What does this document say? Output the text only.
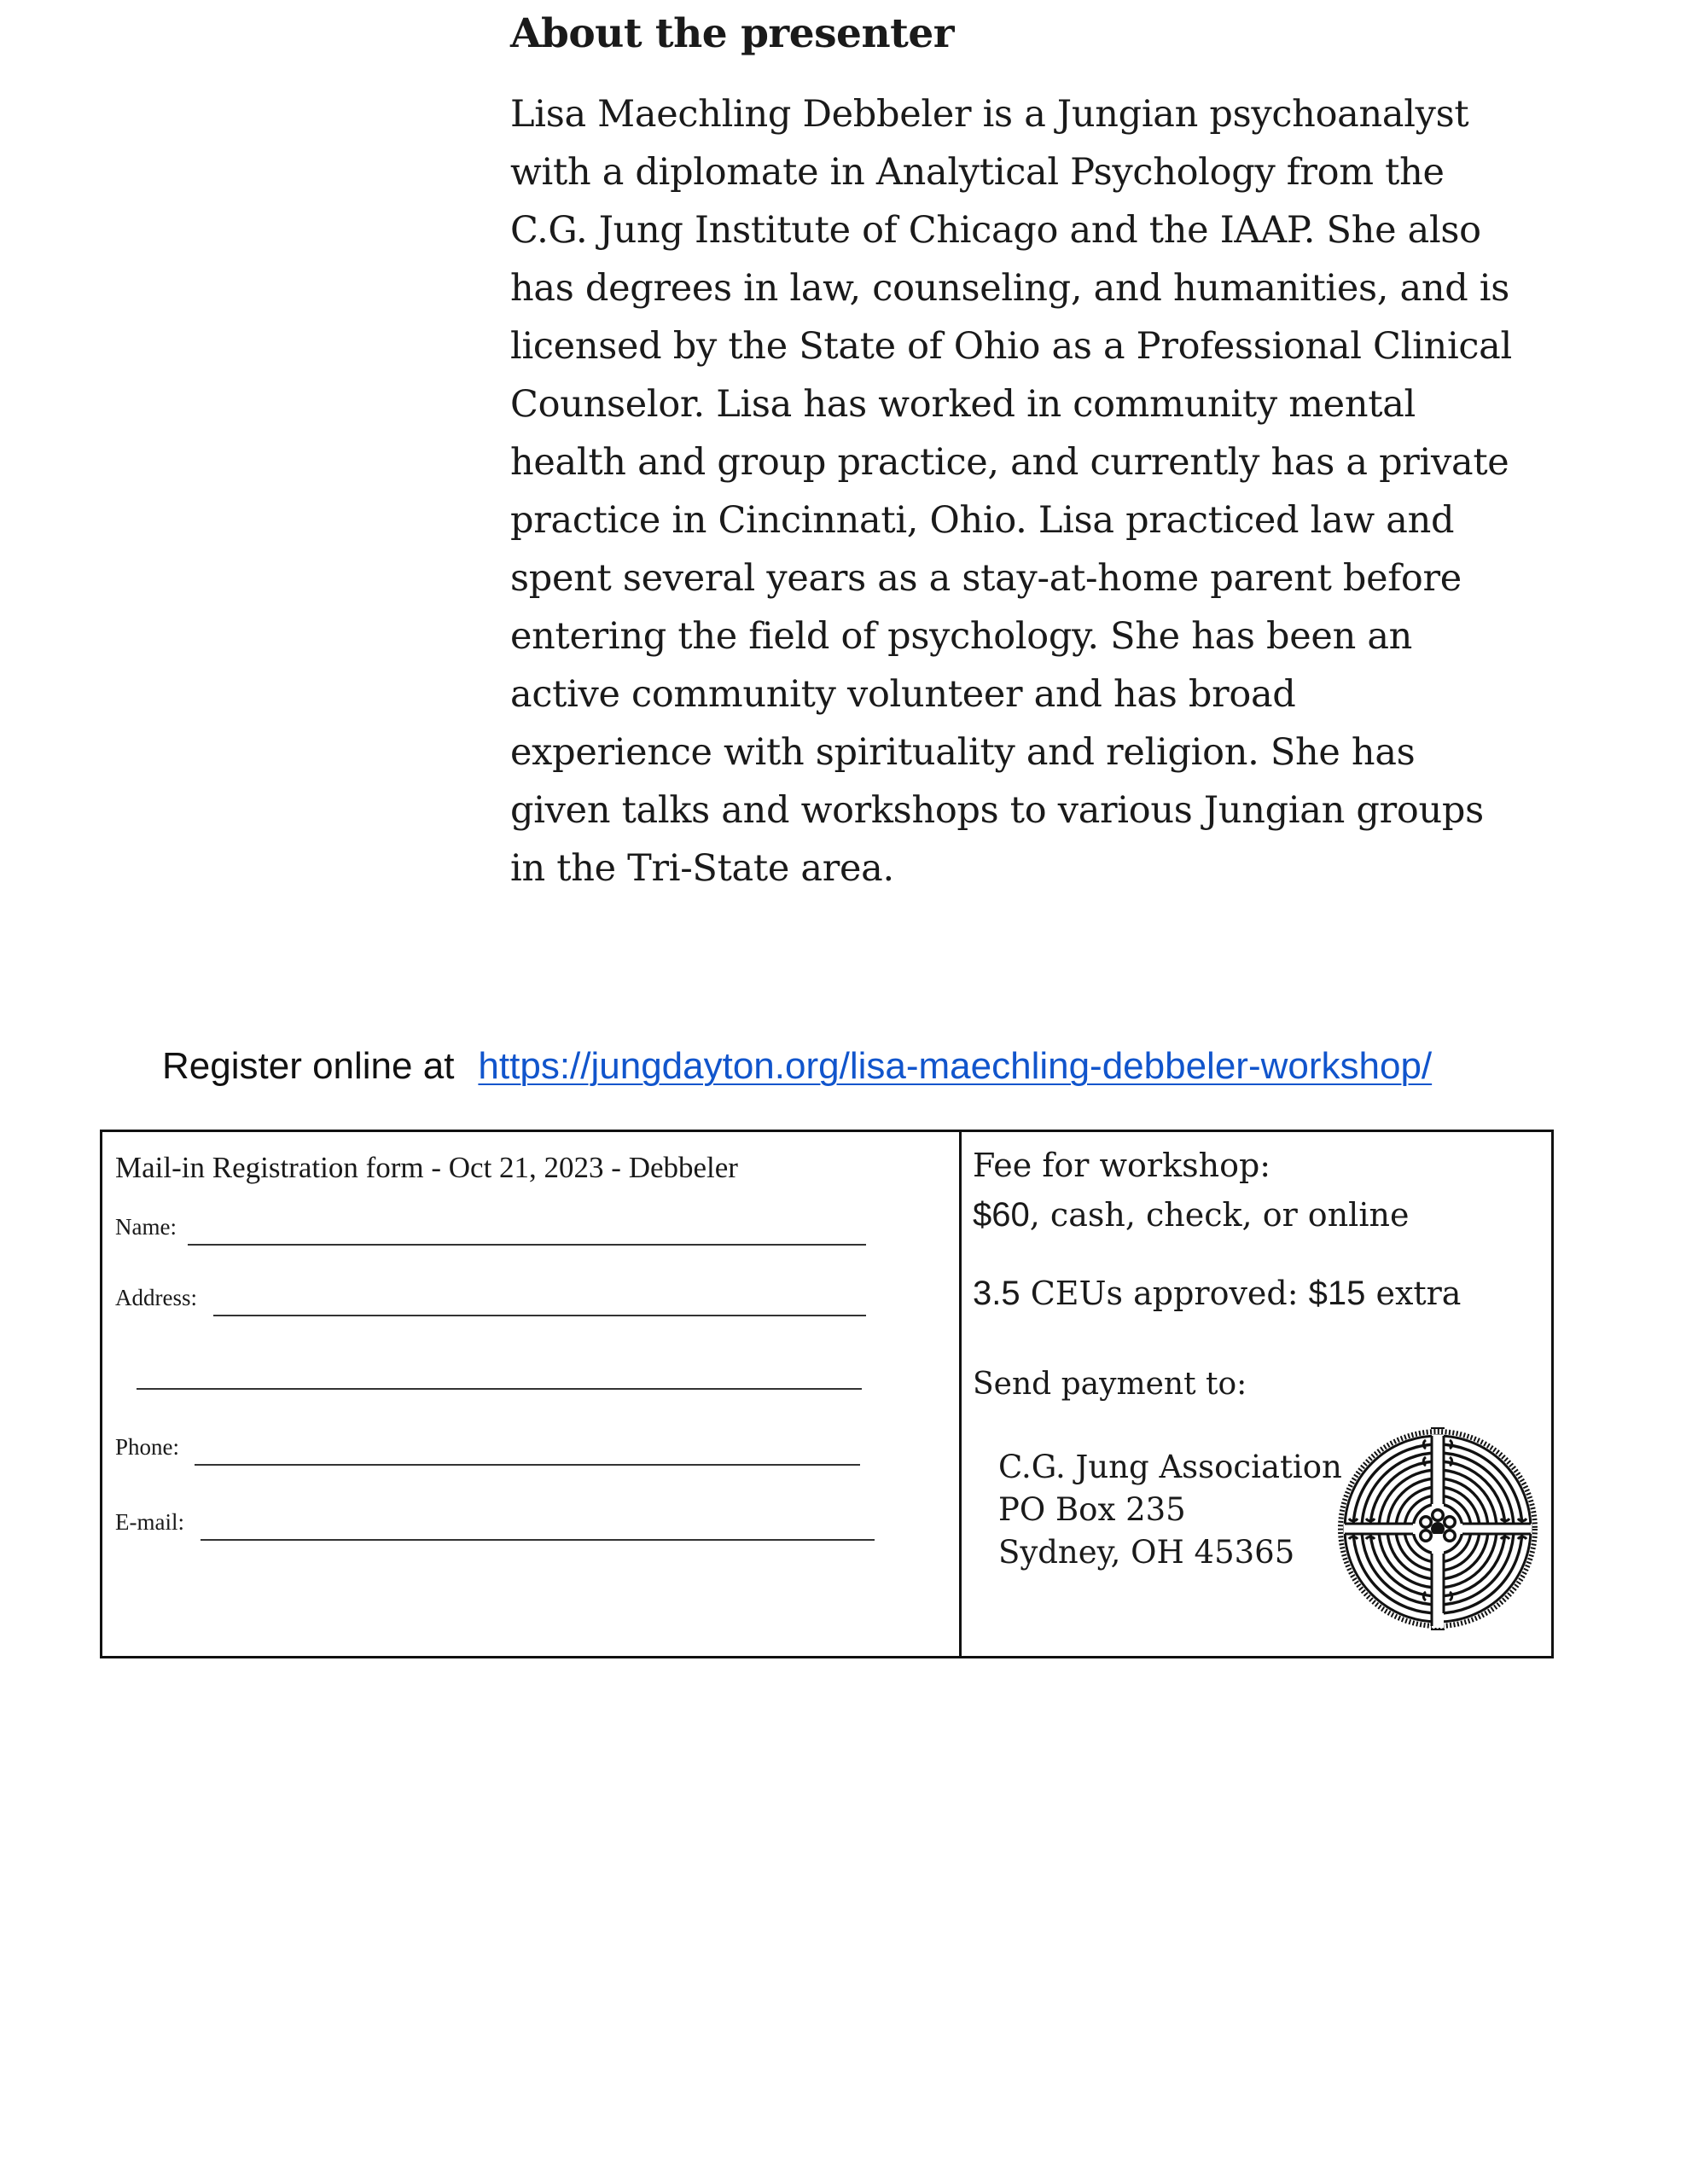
About the presenter

Lisa Maechling Debbeler is a Jungian psychoanalyst
with a diplomate in Analytical Psychology from the
C.G. Jung Institute of Chicago and the IAAP. She also
has degrees in law, counseling, and humanities, and is
licensed by the State of Ohio as a Professional Clinical
Counselor. Lisa has worked in community mental
health and group practice, and currently has a private
practice in Cincinnati, Ohio. Lisa practiced law and
spent several years as a stay-at-home parent before
entering the field of psychology. She has been an
active community volunteer and has broad
experience with spirituality and religion. She has
given talks and workshops to various Jungian groups
in the Tri-State area.

Register online at https://jungdayton.org/lisa-maechling-debbeler-workshop/
Mail-in Registration form - Oct 21, 2023 - Debbeler
Name:
Address:
Phone:
E-mail:
Fee for workshop:
$60, cash, check, or online
3.5 CEUs approved: $15 extra
Send payment to:
C.G. Jung Association
PO Box 235
Sydney, OH 45365
